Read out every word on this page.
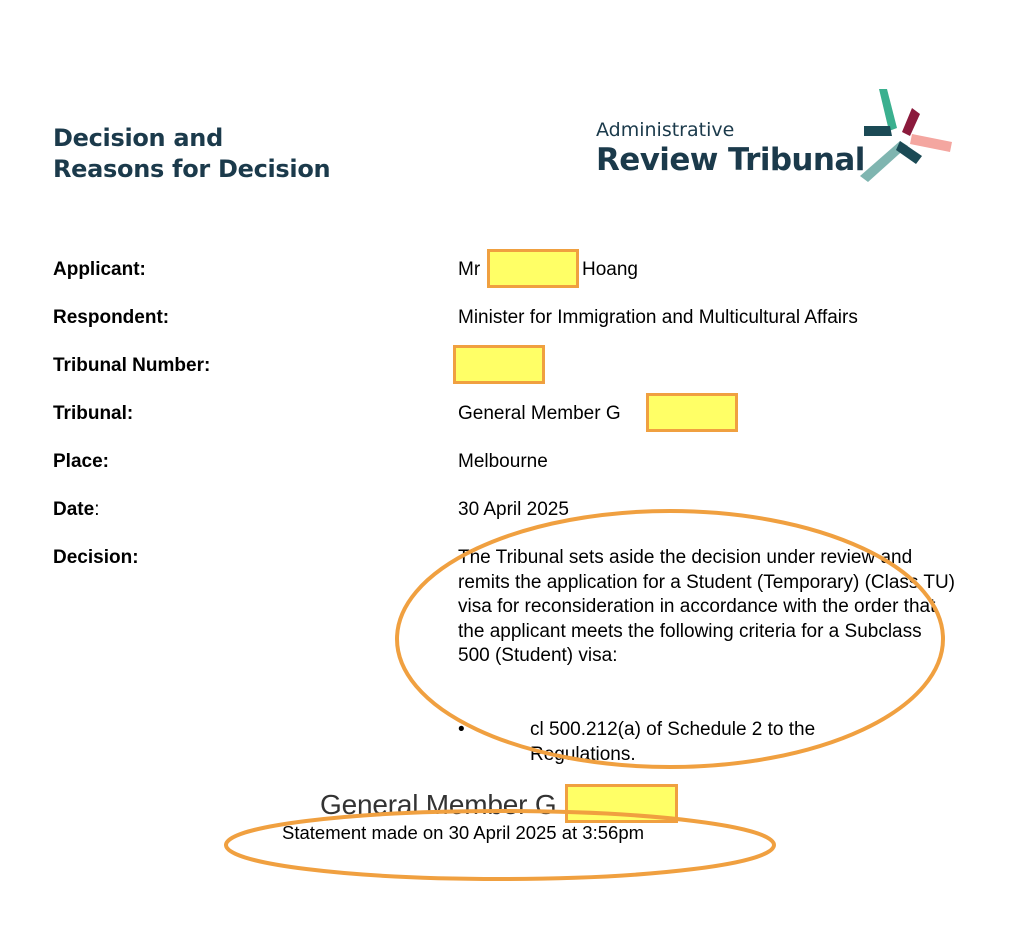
Decision and
Reasons for Decision
Administrative
Review Tribunal
Applicant:	Mr	Hoang
Respondent:	Minister for Immigration and Multicultural Affairs
Tribunal Number:
Tribunal:	General Member G
Place:	Melbourne
Date:	30 April 2025
Decision:	The Tribunal sets aside the decision under review and remits the application for a Student (Temporary) (Class TU) visa for reconsideration in accordance with the order that the applicant meets the following criteria for a Subclass 500 (Student) visa:
•	cl 500.212(a) of Schedule 2 to the Regulations.
General Member G
Statement made on 30 April 2025 at 3:56pm
